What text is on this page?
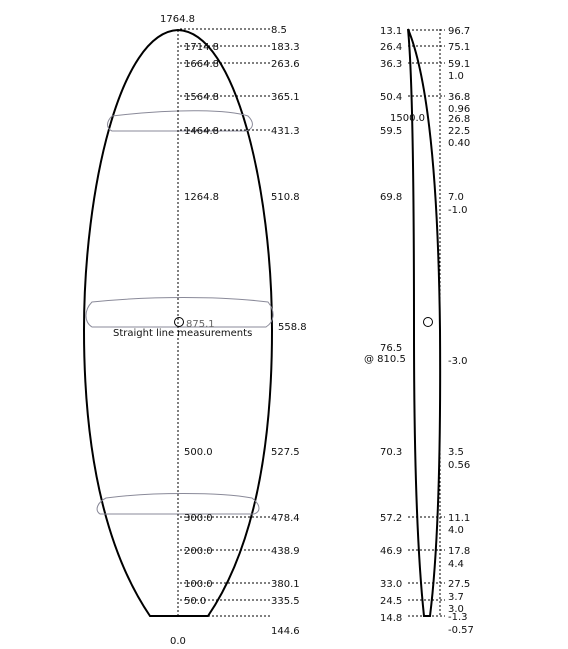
1764.8
0.0
144.6
8.5
Straight line measurements
875.1
1714.8
1664.8
1564.8
1464.8
1264.8
500.0
300.0
200.0
100.0
50.0
183.3
263.6
365.1
431.3
510.8
558.8
527.5
478.4
438.9
380.1
335.5
13.1
26.4
36.3
50.4
59.5
69.8
76.5
70.3
57.2
46.9
33.0
24.5
14.8
1500.0
@ 810.5
96.7
75.1
59.1
1.0
36.8
0.96
26.8
22.5
0.40
7.0
-1.0
-3.0
3.5
0.56
11.1
4.0
17.8
4.4
27.5
3.7
3.0
-1.3
-0.57
